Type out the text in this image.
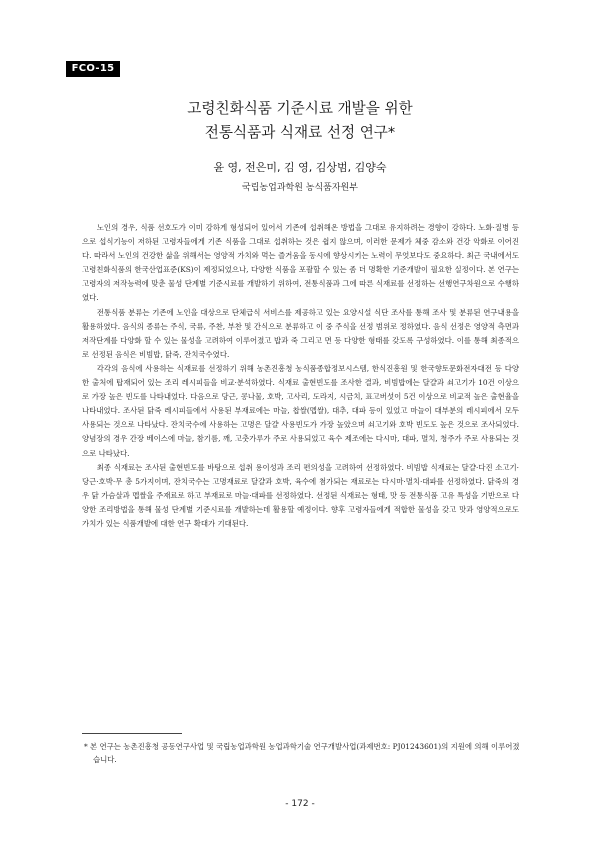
FCO-15
고령친화식품 기준시료 개발을 위한
전통식품과 식재료 선정 연구*
윤 영, 전은미, 김 영, 김상범, 김양숙
국립농업과학원 농식품자원부

노인의 경우, 식품 선호도가 이미 강하게 형성되어 있어서 기존에 섭취해온 방법을 그대로 유지하려는 경향이 강하다. 노화·질병 등으로 섭식기능이 저하된 고령자들에게 기존 식품을 그대로 섭취하는 것은 쉽지 않으며, 이러한 문제가 체중 감소와 건강 악화로 이어진다. 따라서 노인의 건강한 삶을 위해서는 영양적 가치와 먹는 즐거움을 동시에 향상시키는 노력이 무엇보다도 중요하다. 최근 국내에서도 고령친화식품의 한국산업표준(KS)이 제정되었으나, 다양한 식품을 포괄할 수 있는 좀 더 명확한 기준개발이 필요한 실정이다. 본 연구는 고령자의 저작능력에 맞춘 물성 단계별 기준시료를 개발하기 위하여, 전통식품과 그에 따른 식재료를 선정하는 선행연구차원으로 수행하였다.

전통식품 분류는 기존에 노인을 대상으로 단체급식 서비스를 제공하고 있는 요양시설 식단 조사를 통해 조사 및 분류된 연구내용을 활용하였다. 음식의 종류는 주식, 국류, 주찬, 부찬 및 간식으로 분류하고 이 중 주식을 선정 범위로 정하였다. 음식 선정은 영양적 측면과 저작단계를 다양화 할 수 있는 물성을 고려하여 이루어졌고 밥과 죽 그리고 면 등 다양한 형태를 갖도록 구성하였다. 이를 통해 최종적으로 선정된 음식은 비빔밥, 닭죽, 잔치국수였다.

각각의 음식에 사용하는 식재료를 선정하기 위해 농촌진흥청 농식품종합정보시스템, 한식진흥원 및 한국향토문화전자대전 등 다양한 출처에 탑재되어 있는 조리 레시피들을 비교·분석하였다. 식재료 출현빈도를 조사한 결과, 비빔밥에는 달걀과 쇠고기가 10건 이상으로 가장 높은 빈도를 나타내었다. 다음으로 당근, 콩나물, 호박, 고사리, 도라지, 시금치, 표고버섯이 5건 이상으로 비교적 높은 출현율을 나타내었다. 조사된 닭죽 레시피들에서 사용된 부재료에는 마늘, 찹쌀(멥쌀), 대추, 대파 등이 있었고 마늘이 대부분의 레시피에서 모두 사용되는 것으로 나타났다. 잔치국수에 사용하는 고명은 달걀 사용빈도가 가장 높았으며 쇠고기와 호박 빈도도 높은 것으로 조사되었다. 양념장의 경우 간장 베이스에 마늘, 참기름, 깨, 고춧가루가 주로 사용되었고 육수 제조에는 다시마, 대파, 멸치, 청주가 주로 사용되는 것으로 나타났다.

최종 식재료는 조사된 출현빈도를 바탕으로 섭취 용이성과 조리 편의성을 고려하여 선정하였다. 비빔밥 식재료는 달걀·다진 소고기·당근·호박·무 총 5가지이며, 잔치국수는 고명재료로 달걀과 호박, 육수에 첨가되는 재료로는 다시마·멸치·대파를 선정하였다. 닭죽의 경우 닭 가슴살과 멥쌀을 주재료로 하고 부재료로 마늘·대파를 선정하였다. 선정된 식재료는 형태, 맛 등 전통식품 고유 특성을 기반으로 다양한 조리방법을 통해 물성 단계별 기준시료를 개발하는데 활용할 예정이다. 향후 고령자들에게 적합한 물성을 갖고 맛과 영양적으로도 가치가 있는 식품개발에 대한 연구 확대가 기대된다.

* 본 연구는 농촌진흥청 공동연구사업 및 국립농업과학원 농업과학기술 연구개발사업(과제번호: PJ01243601)의 지원에 의해 이루어졌습니다.
- 172 -
